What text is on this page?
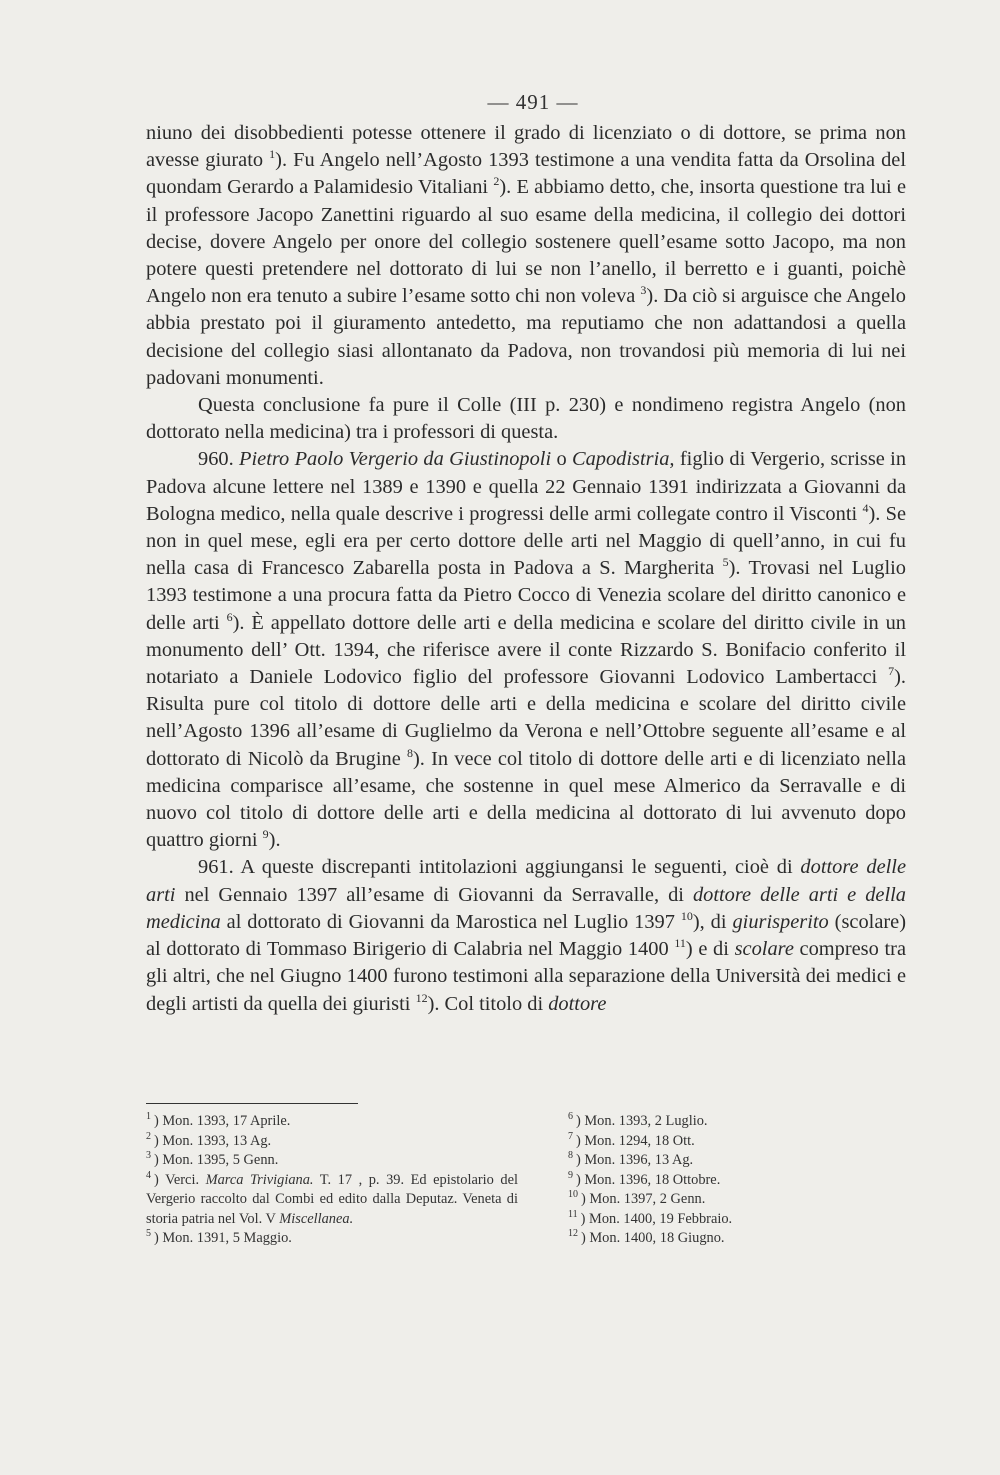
— 491 —

niuno dei disobbedienti potesse ottenere il grado di licenziato o di dottore, se prima non avesse giurato $^1$). Fu Angelo nell’Agosto 1393 testimone a una vendita fatta da Orsolina del quondam Gerardo a Palamidesio Vitaliani $^2$). E abbiamo detto, che, insorta questione tra lui e il professore Jacopo Zanettini riguardo al suo esame della medicina, il collegio dei dottori decise, dovere Angelo per onore del collegio sostenere quell’esame sotto Jacopo, ma non potere questi pretendere nel dottorato di lui se non l’anello, il berretto e i guanti, poichè Angelo non era tenuto a subire l’esame sotto chi non voleva $^3$). Da ciò si arguisce che Angelo abbia prestato poi il giuramento antedetto, ma reputiamo che non adattandosi a quella decisione del collegio siasi allontanato da Padova, non trovandosi più memoria di lui nei padovani monumenti.

Questa conclusione fa pure il Colle (III p. 230) e nondimeno registra Angelo (non dottorato nella medicina) tra i professori di questa.

960. Pietro Paolo Vergerio da Giustinopoli o Capodistria, figlio di Vergerio, scrisse in Padova alcune lettere nel 1389 e 1390 e quella 22 Gennaio 1391 indirizzata a Giovanni da Bologna medico, nella quale descrive i progressi delle armi collegate contro il Visconti $^4$). Se non in quel mese, egli era per certo dottore delle arti nel Maggio di quell’anno, in cui fu nella casa di Francesco Zabarella posta in Padova a S. Margherita $^5$). Trovasi nel Luglio 1393 testimone a una procura fatta da Pietro Cocco di Venezia scolare del diritto canonico e delle arti $^6$). È appellato dottore delle arti e della medicina e scolare del diritto civile in un monumento dell’ Ott. 1394, che riferisce avere il conte Rizzardo S. Bonifacio conferito il notariato a Daniele Lodovico figlio del professore Giovanni Lodovico Lambertacci $^7$). Risulta pure col titolo di dottore delle arti e della medicina e scolare del diritto civile nell’Agosto 1396 all’esame di Guglielmo da Verona e nell’Ottobre seguente all’esame e al dottorato di Nicolò da Brugine $^8$). In vece col titolo di dottore delle arti e di licenziato nella medicina comparisce all’esame, che sostenne in quel mese Almerico da Serravalle e di nuovo col titolo di dottore delle arti e della medicina al dottorato di lui avvenuto dopo quattro giorni $^9$).

961. A queste discrepanti intitolazioni aggiungansi le seguenti, cioè di dottore delle arti nel Gennaio 1397 all’esame di Giovanni da Serravalle, di dottore delle arti e della medicina al dottorato di Giovanni da Marostica nel Luglio 1397 $^{10}$), di giurisperito (scolare) al dottorato di Tommaso Birigerio di Calabria nel Maggio 1400 $^{11}$) e di scolare compreso tra gli altri, che nel Giugno 1400 furono testimoni alla separazione della Università dei medici e degli artisti da quella dei giuristi $^{12}$). Col titolo di dottore

$^1$ ) Mon. 1393, 17 Aprile.
$^2$ ) Mon. 1393, 13 Ag.
$^3$ ) Mon. 1395, 5 Genn.
$^4$ ) Verci. Marca Trivigiana. T. 17 , p. 39. Ed epistolario del Vergerio raccolto dal Combi ed edito dalla Deputaz. Veneta di storia patria nel Vol. V Miscellanea.
$^5$ ) Mon. 1391, 5 Maggio.
$^6$ ) Mon. 1393, 2 Luglio.
$^7$ ) Mon. 1294, 18 Ott.
$^8$ ) Mon. 1396, 13 Ag.
$^9$ ) Mon. 1396, 18 Ottobre.
$^{10}$ ) Mon. 1397, 2 Genn.
$^{11}$ ) Mon. 1400, 19 Febbraio.
$^{12}$ ) Mon. 1400, 18 Giugno.
